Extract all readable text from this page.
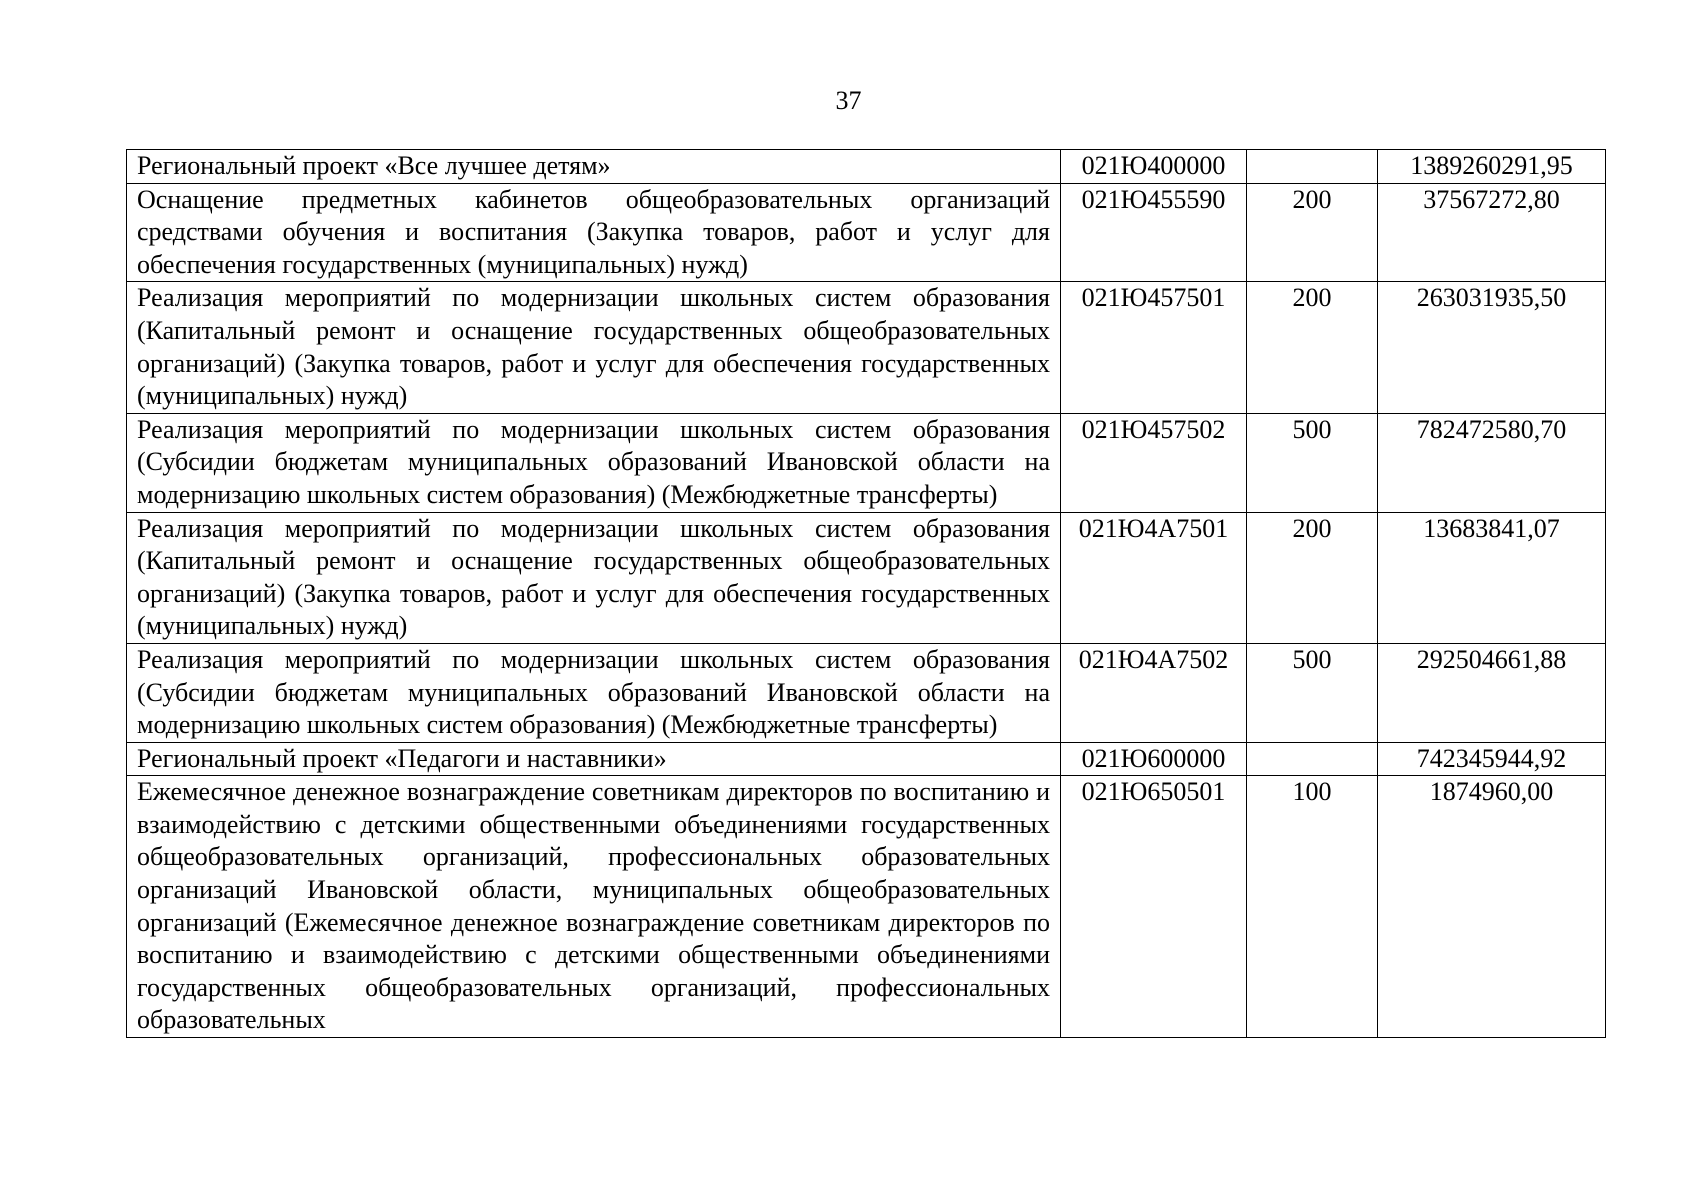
37
Региональный проект «Все лучшее детям»	021Ю400000		1389260291,95
Оснащение предметных кабинетов общеобразовательных организаций средствами обучения и воспитания (Закупка товаров, работ и услуг для обеспечения государственных (муниципальных) нужд)	021Ю455590	200	37567272,80
Реализация мероприятий по модернизации школьных систем образования (Капитальный ремонт и оснащение государственных общеобразовательных организаций) (Закупка товаров, работ и услуг для обеспечения государственных (муниципальных) нужд)	021Ю457501	200	263031935,50
Реализация мероприятий по модернизации школьных систем образования (Субсидии бюджетам муниципальных образований Ивановской области на модернизацию школьных систем образования) (Межбюджетные трансферты)	021Ю457502	500	782472580,70
Реализация мероприятий по модернизации школьных систем образования (Капитальный ремонт и оснащение государственных общеобразовательных организаций) (Закупка товаров, работ и услуг для обеспечения государственных (муниципальных) нужд)	021Ю4А7501	200	13683841,07
Реализация мероприятий по модернизации школьных систем образования (Субсидии бюджетам муниципальных образований Ивановской области на модернизацию школьных систем образования) (Межбюджетные трансферты)	021Ю4А7502	500	292504661,88
Региональный проект «Педагоги и наставники»	021Ю600000		742345944,92
Ежемесячное денежное вознаграждение советникам директоров по воспитанию и взаимодействию с детскими общественными объединениями государственных общеобразовательных организаций, профессиональных образовательных организаций Ивановской области, муниципальных общеобразовательных организаций (Ежемесячное денежное вознаграждение советникам директоров по воспитанию и взаимодействию с детскими общественными объединениями государственных общеобразовательных организаций, профессиональных образовательных	021Ю650501	100	1874960,00
